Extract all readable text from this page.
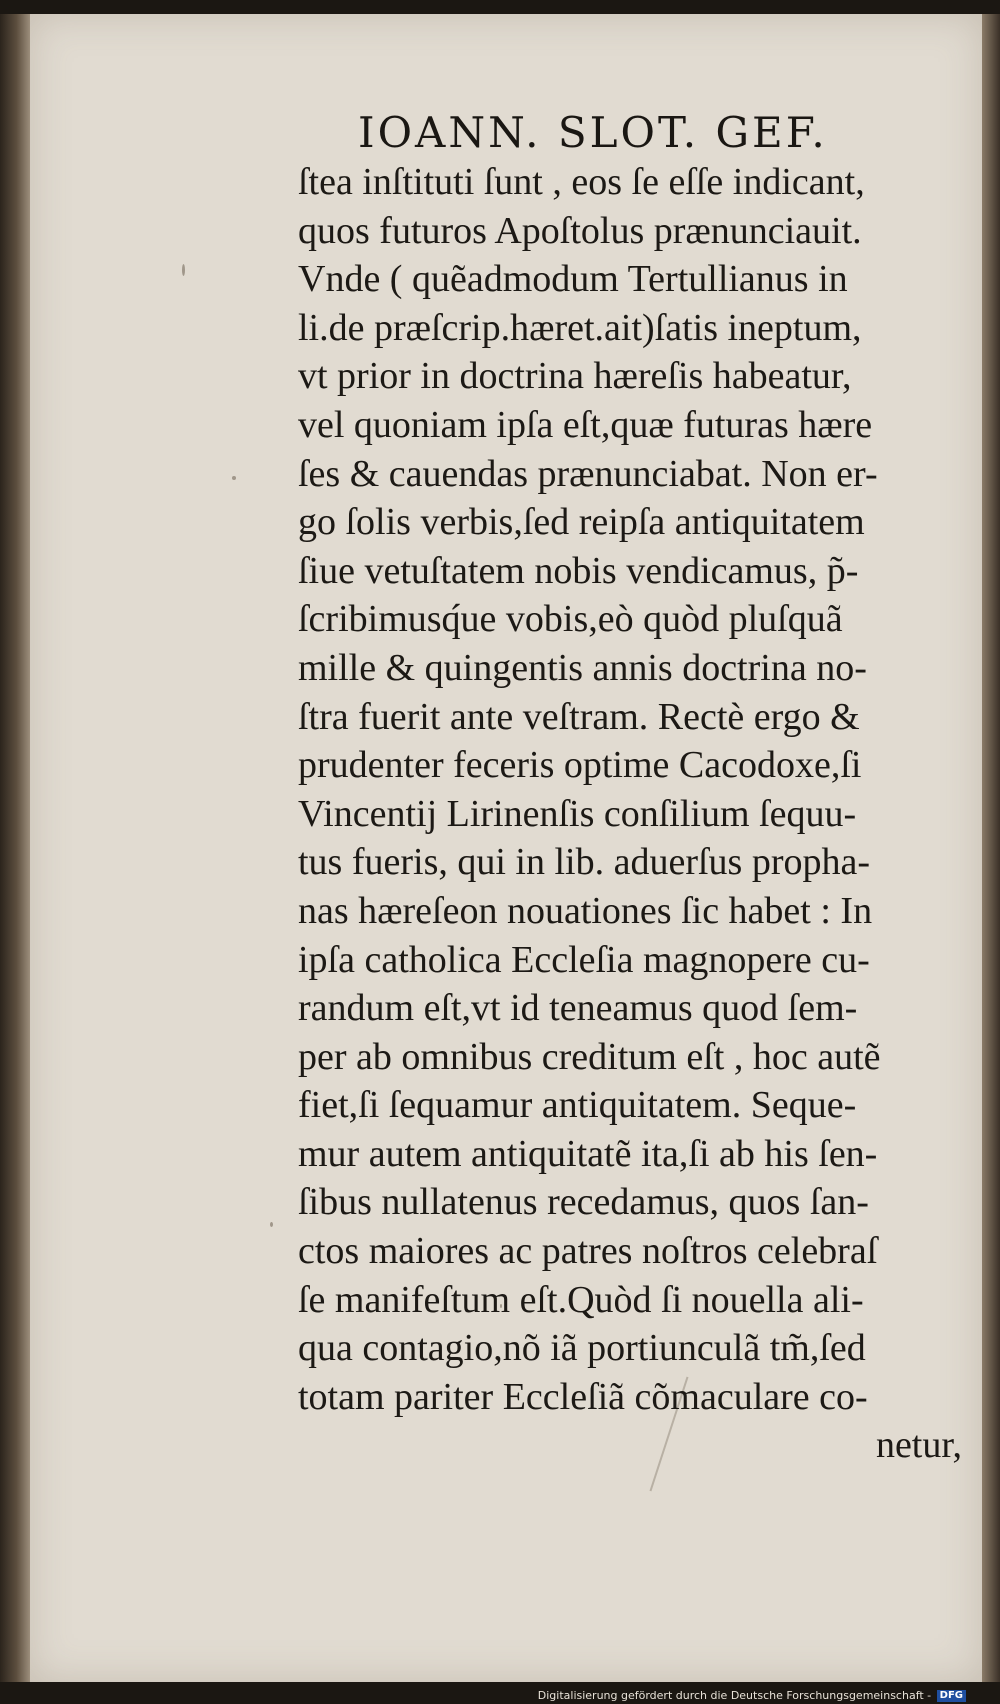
IOANN. SLOT. GEF.
ſtea inſtituti ſunt , eos ſe eſſe indicant,
quos futuros Apoſtolus prænunciauit.
Vnde ( quẽadmodum Tertullianus in
li.de præſcrip.hæret.ait)ſatis ineptum,
vt prior in doctrina hæreſis habeatur,
vel quoniam ipſa eſt,quæ futuras hære
ſes & cauendas prænunciabat. Non er-
go ſolis verbis,ſed reipſa antiquitatem
ſiue vetuſtatem nobis vendicamus, p̃-
ſcribimusq́ue vobis,eò quòd pluſquã
mille & quingentis annis doctrina no-
ſtra fuerit ante veſtram. Rectè ergo &
prudenter feceris optime Cacodoxe,ſi
Vincentij Lirinenſis conſilium ſequu-
tus fueris, qui in lib. aduerſus propha-
nas hæreſeon nouationes ſic habet : In
ipſa catholica Eccleſia magnopere cu-
randum eſt,vt id teneamus quod ſem-
per ab omnibus creditum eſt , hoc autẽ
fiet,ſi ſequamur antiquitatem. Seque-
mur autem antiquitatẽ ita,ſi ab his ſen-
ſibus nullatenus recedamus, quos ſan-
ctos maiores ac patres noſtros celebraſ
ſe manifeſtum eſt.Quòd ſi nouella ali-
qua contagio,nõ iã portiunculã tm̃,ſed
totam pariter Eccleſiã cõmaculare co-
netur,
Digitalisierung gefördert durch die Deutsche Forschungsgemeinschaft - DFG
